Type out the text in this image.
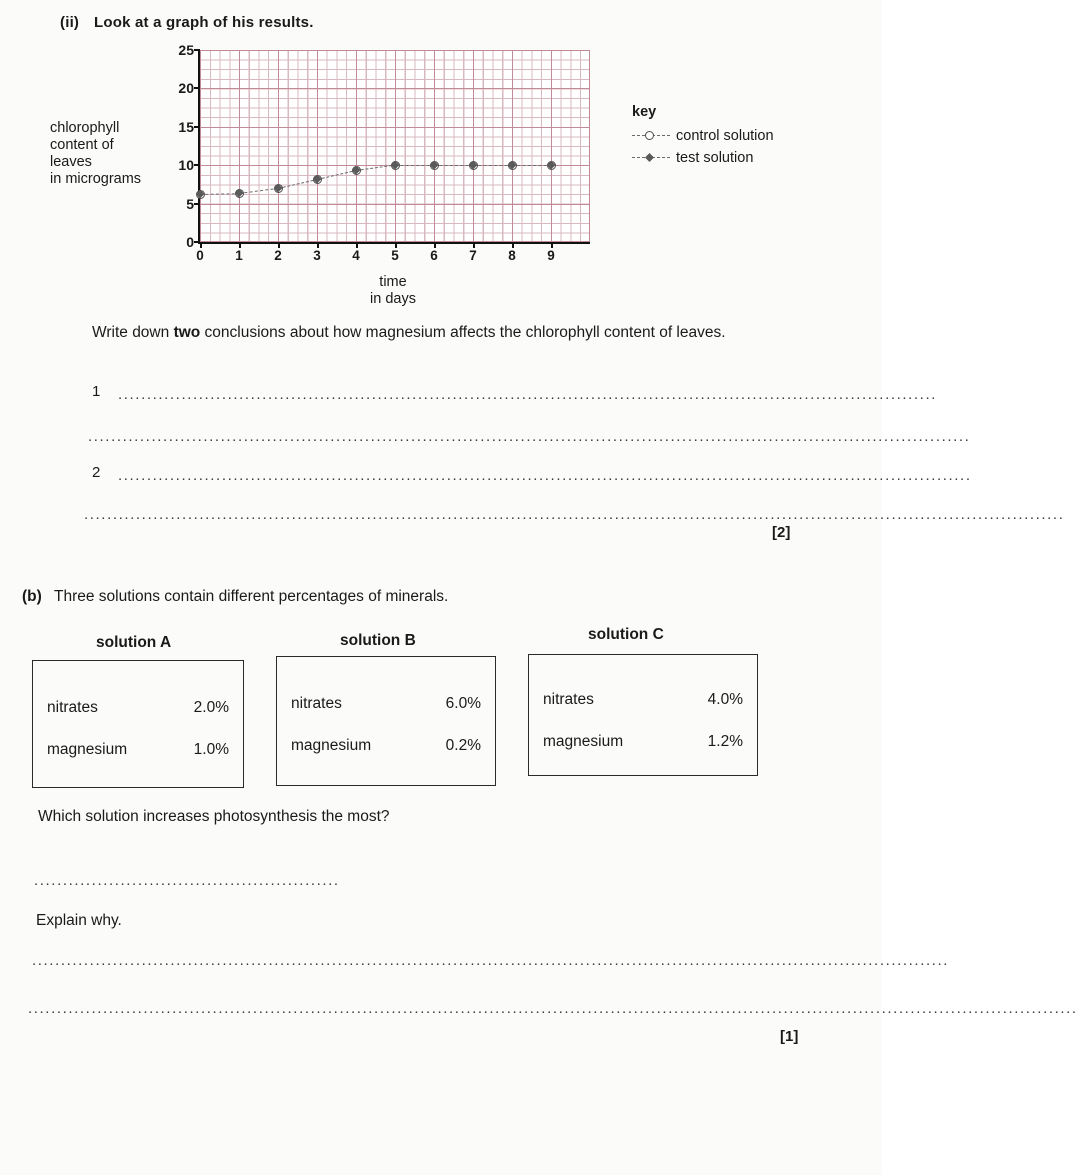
(ii) Look at a graph of his results.
chlorophyll
content of
leaves
in micrograms
25
20
15
10
5
0
0 1 2 3 4 5 6 7 8 9
time
in days
key
control solution
test solution
Write down two conclusions about how magnesium affects the chlorophyll content of leaves.
1 ..............................................................................................................................................
.........................................................................................................................................................
2 ....................................................................................................................................................
..........................................................................................................................................................................
[2]
(b) Three solutions contain different percentages of minerals.
solution A
nitrates	2.0%
magnesium	1.0%
solution B
nitrates	6.0%
magnesium	0.2%
solution C
nitrates	4.0%
magnesium	1.2%
Which solution increases photosynthesis the most?
.....................................................
Explain why.
...............................................................................................................................................................
......................................................................................................................................................................................
[1]
